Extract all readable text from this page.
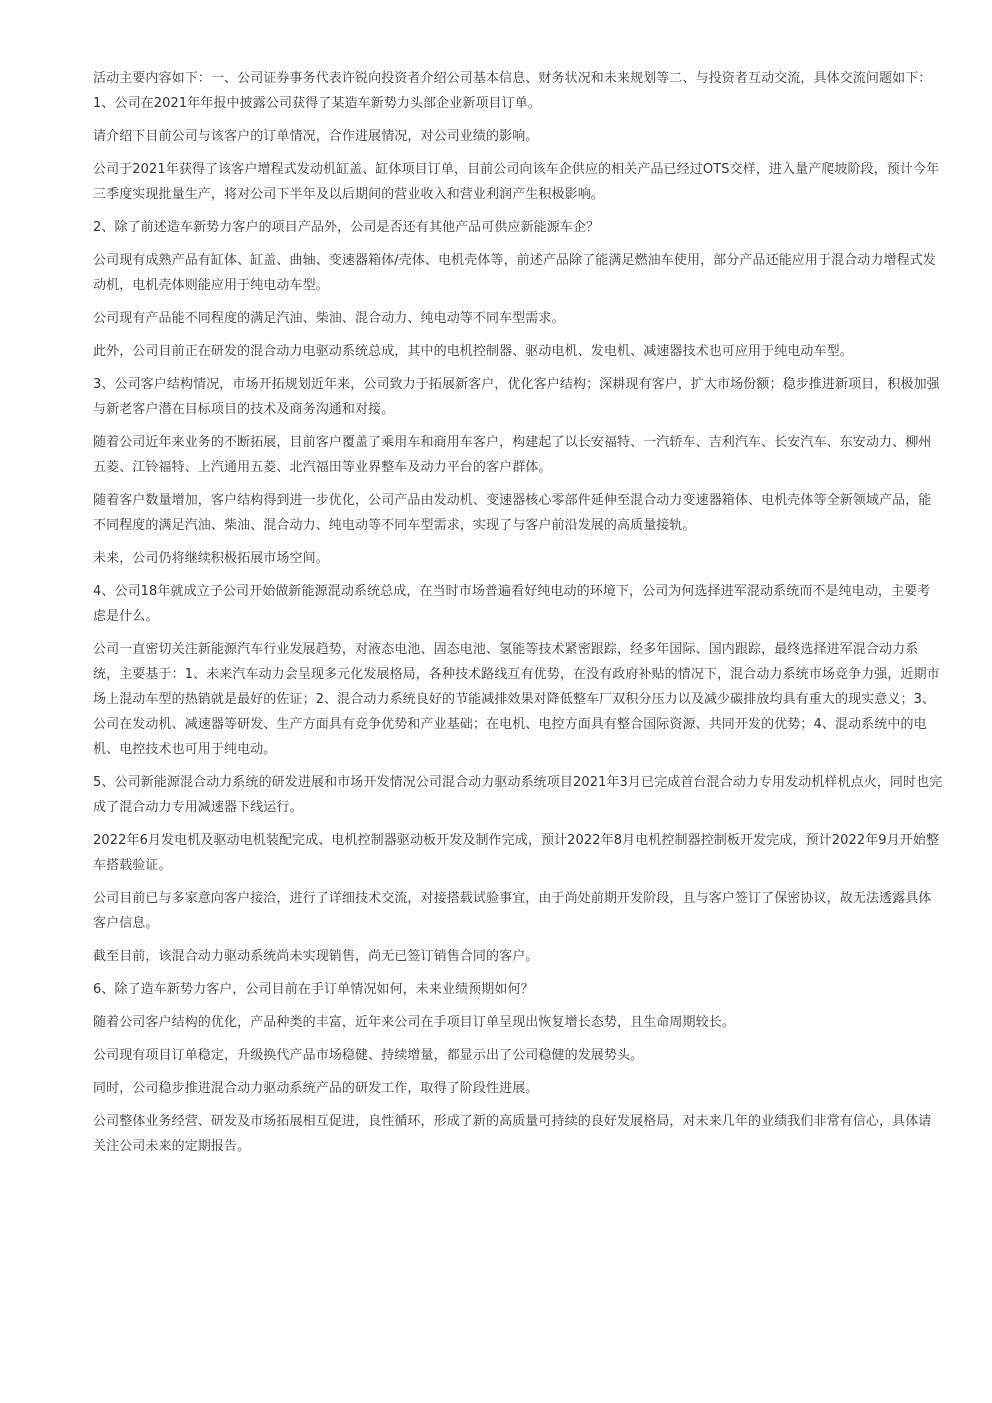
活动主要内容如下：一、公司证券事务代表许锐向投资者介绍公司基本信息、财务状况和未来规划等二、与投资者互动交流，具体交流问题如下：1、公司在2021年年报中披露公司获得了某造车新势力头部企业新项目订单。

请介绍下目前公司与该客户的订单情况，合作进展情况，对公司业绩的影响。

公司于2021年获得了该客户增程式发动机缸盖、缸体项目订单，目前公司向该车企供应的相关产品已经过OTS交样，进入量产爬坡阶段，预计今年三季度实现批量生产，将对公司下半年及以后期间的营业收入和营业利润产生积极影响。

2、除了前述造车新势力客户的项目产品外，公司是否还有其他产品可供应新能源车企？

公司现有成熟产品有缸体、缸盖、曲轴、变速器箱体/壳体、电机壳体等，前述产品除了能满足燃油车使用，部分产品还能应用于混合动力增程式发动机，电机壳体则能应用于纯电动车型。

公司现有产品能不同程度的满足汽油、柴油、混合动力、纯电动等不同车型需求。

此外，公司目前正在研发的混合动力电驱动系统总成，其中的电机控制器、驱动电机、发电机、减速器技术也可应用于纯电动车型。

3、公司客户结构情况，市场开拓规划近年来，公司致力于拓展新客户，优化客户结构；深耕现有客户，扩大市场份额；稳步推进新项目，积极加强与新老客户潜在目标项目的技术及商务沟通和对接。

随着公司近年来业务的不断拓展，目前客户覆盖了乘用车和商用车客户，构建起了以长安福特、一汽轿车、吉利汽车、长安汽车、东安动力、柳州五菱、江铃福特、上汽通用五菱、北汽福田等业界整车及动力平台的客户群体。

随着客户数量增加，客户结构得到进一步优化，公司产品由发动机、变速器核心零部件延伸至混合动力变速器箱体、电机壳体等全新领域产品，能不同程度的满足汽油、柴油、混合动力、纯电动等不同车型需求，实现了与客户前沿发展的高质量接轨。

未来，公司仍将继续积极拓展市场空间。

4、公司18年就成立子公司开始做新能源混动系统总成，在当时市场普遍看好纯电动的环境下，公司为何选择进军混动系统而不是纯电动，主要考虑是什么。

公司一直密切关注新能源汽车行业发展趋势，对液态电池、固态电池、氢能等技术紧密跟踪，经多年国际、国内跟踪，最终选择进军混合动力系统，主要基于：1、未来汽车动力会呈现多元化发展格局，各种技术路线互有优势，在没有政府补贴的情况下，混合动力系统市场竞争力强，近期市场上混动车型的热销就是最好的佐证；2、混合动力系统良好的节能减排效果对降低整车厂双积分压力以及减少碳排放均具有重大的现实意义；3、公司在发动机、减速器等研发、生产方面具有竞争优势和产业基础；在电机、电控方面具有整合国际资源、共同开发的优势；4、混动系统中的电机、电控技术也可用于纯电动。

5、公司新能源混合动力系统的研发进展和市场开发情况公司混合动力驱动系统项目2021年3月已完成首台混合动力专用发动机样机点火，同时也完成了混合动力专用减速器下线运行。

2022年6月发电机及驱动电机装配完成、电机控制器驱动板开发及制作完成，预计2022年8月电机控制器控制板开发完成，预计2022年9月开始整车搭载验证。

公司目前已与多家意向客户接洽，进行了详细技术交流，对接搭载试验事宜，由于尚处前期开发阶段，且与客户签订了保密协议，故无法透露具体客户信息。

截至目前，该混合动力驱动系统尚未实现销售，尚无已签订销售合同的客户。

6、除了造车新势力客户，公司目前在手订单情况如何，未来业绩预期如何？

随着公司客户结构的优化，产品种类的丰富，近年来公司在手项目订单呈现出恢复增长态势，且生命周期较长。

公司现有项目订单稳定，升级换代产品市场稳健、持续增量，都显示出了公司稳健的发展势头。

同时，公司稳步推进混合动力驱动系统产品的研发工作，取得了阶段性进展。

公司整体业务经营、研发及市场拓展相互促进，良性循环，形成了新的高质量可持续的良好发展格局，对未来几年的业绩我们非常有信心，具体请关注公司未来的定期报告。
